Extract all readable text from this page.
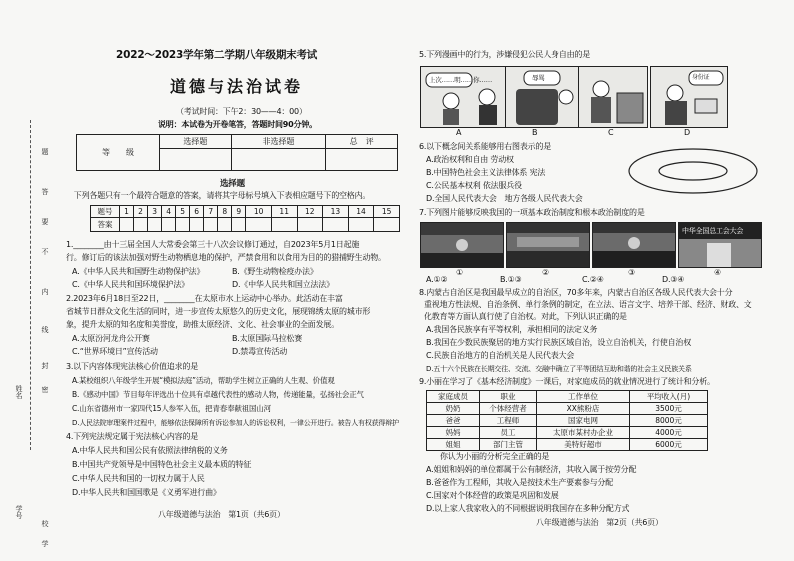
题
答
要
不
内
线
封
密
姓名
学号
校
学
2022～2023学年第二学期八年级期末考试
道德与法治试卷
（考试时间：下午2：30——4：00）
说明：本试卷为开卷笔答，答题时间90分钟。
等　　级	选择题	非选择题	总　评

选择题
　下列各题只有一个最符合题意的答案，请将其字母标号填入下表相应题号下的空格内。
题号	1	2	3	4	5	6	7	8	9	10	11	12	13	14	15
答案															
1.________由十三届全国人大常委会第三十八次会议修订通过，自2023年5月1日起施
行。修订后的该法加强对野生动物栖息地的保护，严禁食用和以食用为目的的猎捕野生动物。
A.《中华人民共和国野生动物保护法》	B.《野生动物检疫办法》
C.《中华人民共和国环境保护法》	D.《中华人民共和国立法法》
2.2023年6月18日至22日，________在太原市水上运动中心举办。此活动在丰富
省城节日群众文化生活的同时，进一步宣传太原悠久的历史文化，展现锦绣太原的城市形
象，提升太原的知名度和美誉度，助推太原经济、文化、社会事业的全面发展。
A.太原汾河龙舟公开赛	B.太原国际马拉松赛
C.“世界环境日”宣传活动	D.禁毒宣传活动
3.以下内容体现宪法核心价值追求的是
A.某校组织八年级学生开展“模拟法庭”活动，帮助学生树立正确的人生观、价值观
B.《感动中国》节目每年评选出十位具有卓越代表性的感动人物，传递能量，弘扬社会正气
C.山东省德州市一家四代15人参军入伍，把青春奉献祖国山河
D.人民法院审理案件过程中，能够依法保障所有诉讼参加人的诉讼权利，一律公开进行。被告人有权获得辩护
4.下列宪法规定属于宪法核心内容的是
A.中华人民共和国公民有依照法律纳税的义务
B.中国共产党领导是中国特色社会主义最本质的特征
C.中华人民共和国的一切权力属于人民
D.中华人民共和国国歌是《义勇军进行曲》
八年级道德与法治　第1页（共6页）
5.下列漫画中的行为，涉嫌侵犯公民人身自由的是
上次……明……你……	辱骂	身份证
A	B	C	D
6.以下概念间关系能够用右图表示的是
A.政治权利和自由 劳动权
B.中国特色社会主义法律体系 宪法
C.公民基本权利 依法服兵役
D.全国人民代表大会　地方各级人民代表大会
7.下列图片能够反映我国的一项基本政治制度和根本政治制度的是
中华全国总工会大会
①	②	③	④
A.①②	B.①③	C.②④	D.③④
8.内蒙古自治区是我国最早成立的自治区，70多年来，内蒙古自治区各级人民代表大会十分
重视地方性法规、自治条例、单行条例的制定，在立法、语言文字、培养干部、经济、财政、文
化教育等方面认真行使了自治权。对此，下列认识正确的是
A.我国各民族享有平等权利，承担相同的法定义务
B.我国在少数民族聚居的地方实行民族区域自治，设立自治机关，行使自治权
C.民族自治地方的自治机关是人民代表大会
D.五十六个民族在长期交往、交流、交融中确立了平等团结互助和谐的社会主义民族关系
9.小丽在学习了《基本经济制度》一课后，对家庭成员的就业情况进行了统计和分析。
家庭成员	职业	工作单位	平均收入(月)
奶奶	个体经营者	XX熊粉店	3500元
爸爸	工程师	国家电网	8000元
妈妈	员工	太原市某村办企业	4000元
姐姐	部门主管	美特好超市	6000元
你认为小丽的分析完全正确的是
A.姐姐和妈妈的单位都属于公有制经济，其收入属于按劳分配
B.爸爸作为工程师，其收入是按技术生产要素参与分配
C.国家对个体经营的政策是巩固和发展
D.以上家人我家收入的不同根据说明我国存在多种分配方式
八年级道德与法治　第2页（共6页）
